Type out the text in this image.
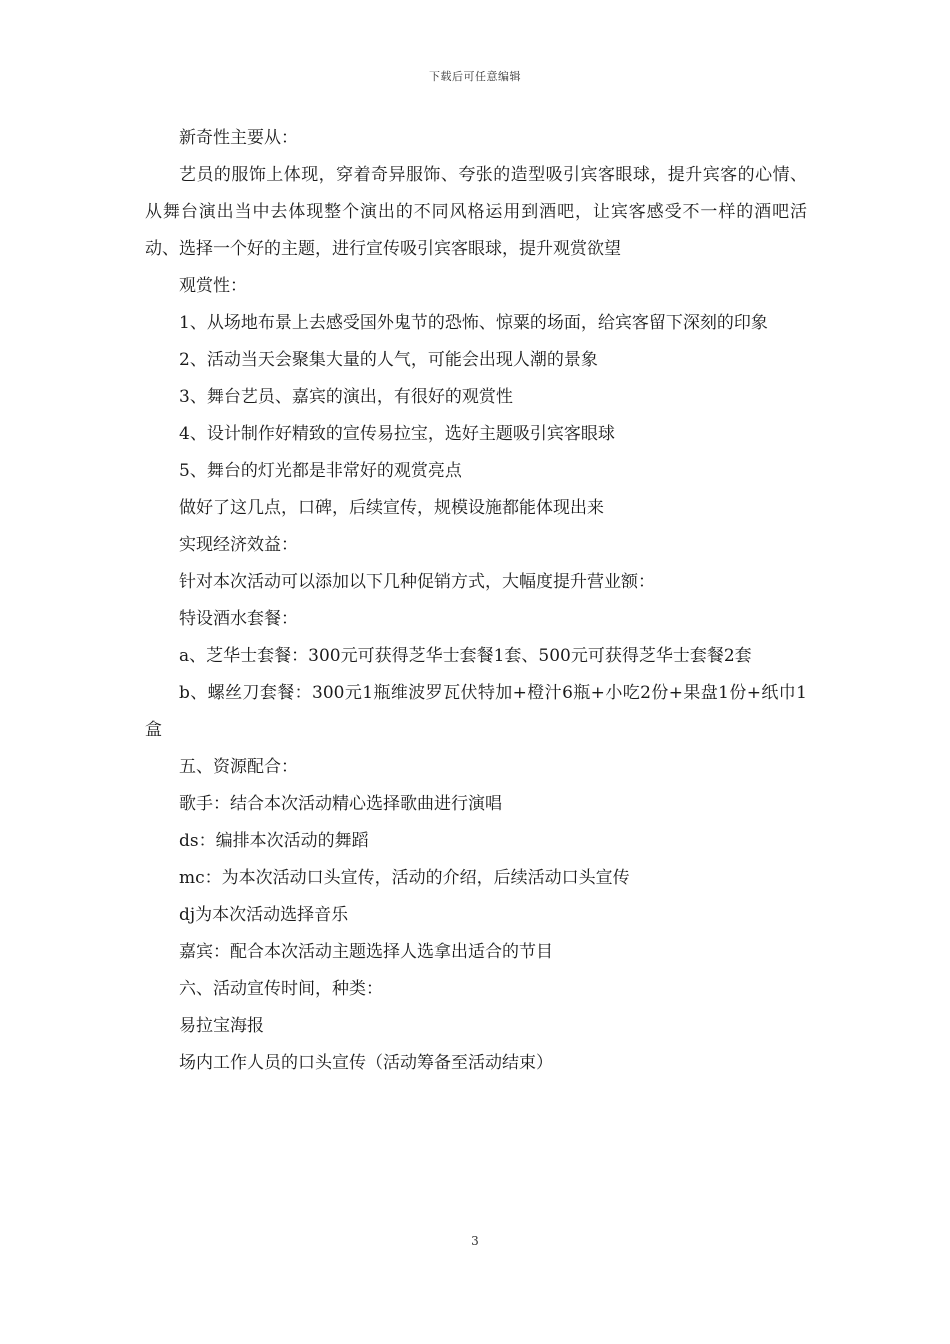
下载后可任意编辑

新奇性主要从：

艺员的服饰上体现，穿着奇异服饰、夸张的造型吸引宾客眼球，提升宾客的心情、从舞台演出当中去体现整个演出的不同风格运用到酒吧，让宾客感受不一样的酒吧活动、选择一个好的主题，进行宣传吸引宾客眼球，提升观赏欲望

观赏性：

1、从场地布景上去感受国外鬼节的恐怖、惊粟的场面，给宾客留下深刻的印象

2、活动当天会聚集大量的人气，可能会出现人潮的景象

3、舞台艺员、嘉宾的演出，有很好的观赏性

4、设计制作好精致的宣传易拉宝，选好主题吸引宾客眼球

5、舞台的灯光都是非常好的观赏亮点

做好了这几点，口碑，后续宣传，规模设施都能体现出来

实现经济效益：

针对本次活动可以添加以下几种促销方式，大幅度提升营业额：

特设酒水套餐：

a、芝华士套餐：300元可获得芝华士套餐1套、500元可获得芝华士套餐2套

b、螺丝刀套餐：300元1瓶维波罗瓦伏特加+橙汁6瓶+小吃2份+果盘1份+纸巾1盒

五、资源配合：

歌手：结合本次活动精心选择歌曲进行演唱

ds：编排本次活动的舞蹈

mc：为本次活动口头宣传，活动的介绍，后续活动口头宣传

dj为本次活动选择音乐

嘉宾：配合本次活动主题选择人选拿出适合的节目

六、活动宣传时间，种类：

易拉宝海报

场内工作人员的口头宣传（活动筹备至活动结束）

3
